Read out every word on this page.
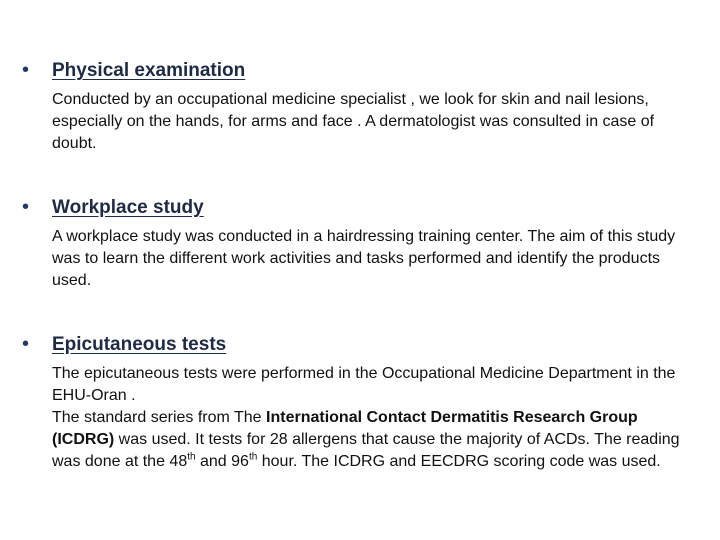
•	Physical examination

Conducted by an occupational medicine specialist , we look for skin and nail lesions, especially on the hands, for arms and face . A dermatologist was consulted in case of doubt.

•	Workplace study

A workplace study was conducted in a hairdressing training center. The aim of this study was to learn the different work activities and tasks performed and identify the products used.

•	Epicutaneous tests

The epicutaneous tests were performed in the Occupational Medicine Department in the EHU-Oran .

The standard series from The International Contact Dermatitis Research Group (ICDRG) was used. It tests for 28 allergens that cause the majority of ACDs. The reading was done at the 48th and 96th hour. The ICDRG and EECDRG scoring code was used.
